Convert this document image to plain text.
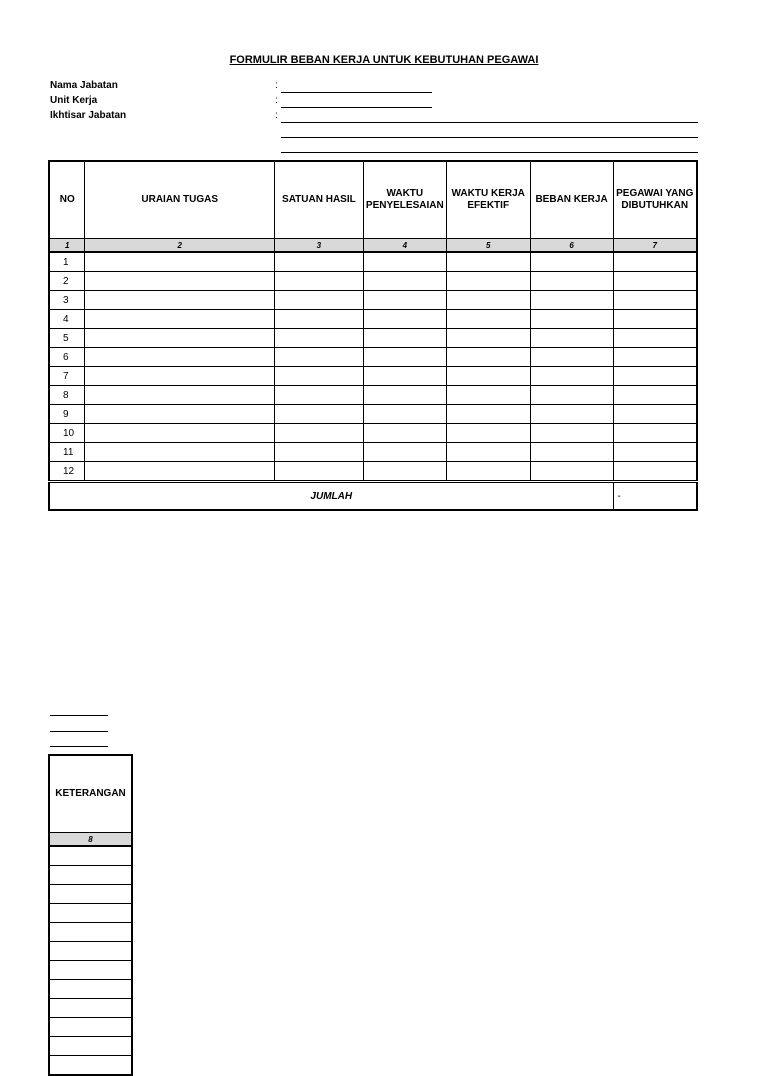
FORMULIR BEBAN KERJA UNTUK KEBUTUHAN PEGAWAI
Nama Jabatan	:
Unit Kerja	:
Ikhtisar Jabatan	:
NO	URAIAN TUGAS	SATUAN HASIL	WAKTU PENYELESAIAN	WAKTU KERJA EFEKTIF	BEBAN KERJA	PEGAWAI YANG DIBUTUHKAN
1	2	3	4	5	6	7
1						
2						
3						
4						
5						
6						
7						
8						
9						
10						
11						
12						
JUMLAH						-
KETERANGAN
8
